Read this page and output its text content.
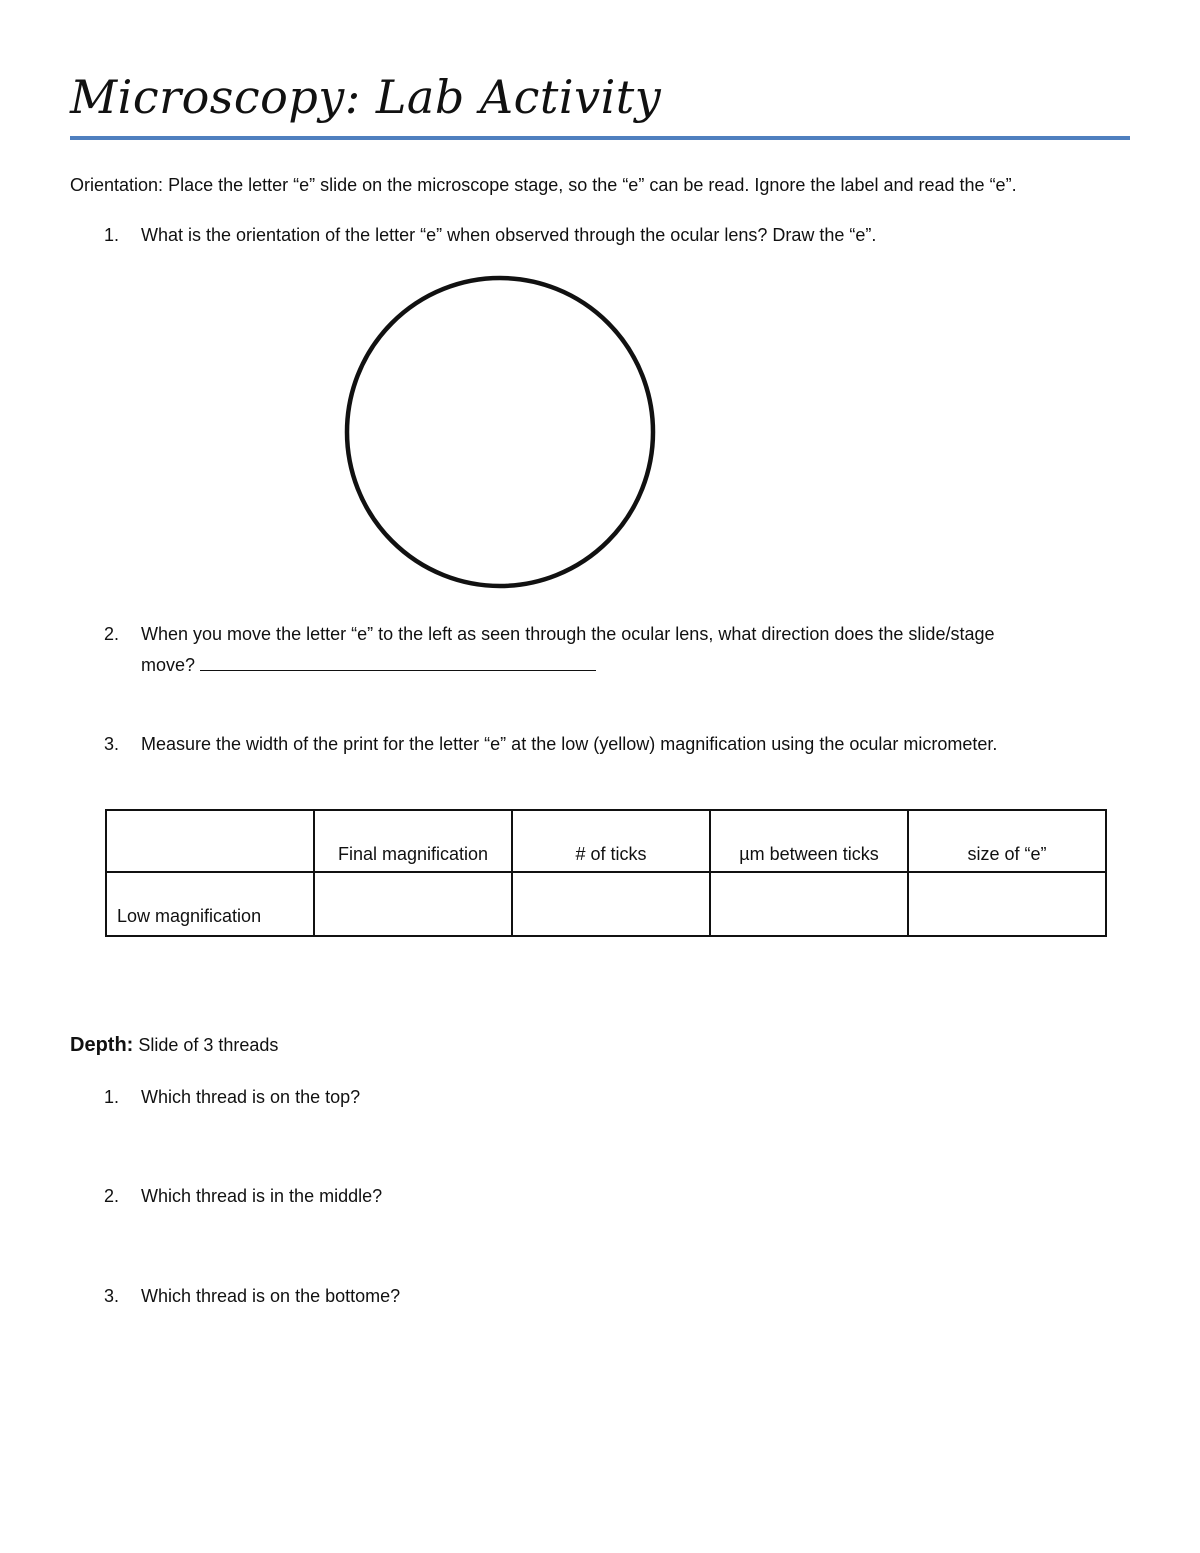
Microscopy: Lab Activity
Orientation: Place the letter “e” slide on the microscope stage, so the “e” can be read. Ignore the label and read the “e”.
1. What is the orientation of the letter “e” when observed through the ocular lens? Draw the “e”.
2. When you move the letter “e” to the left as seen through the ocular lens, what direction does the slide/stage
move?
3. Measure the width of the print for the letter “e” at the low (yellow) magnification using the ocular micrometer.
	Final magnification	# of ticks	µm between ticks	size of “e”
Low magnification				
Depth: Slide of 3 threads
1. Which thread is on the top?
2. Which thread is in the middle?
3. Which thread is on the bottome?
